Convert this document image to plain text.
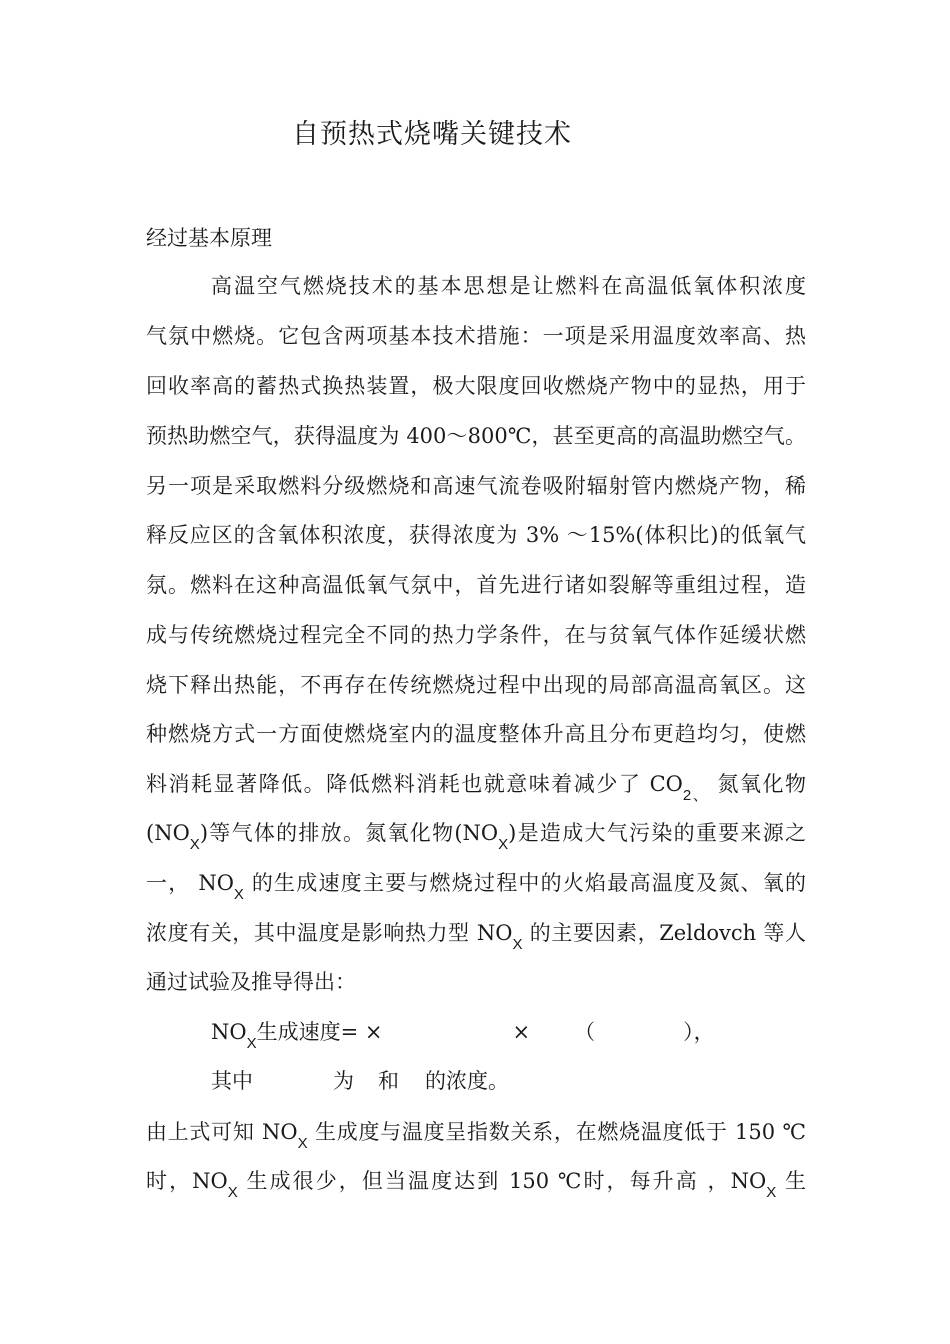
自预热式烧嘴关键技术
经过基本原理
高温空气燃烧技术的基本思想是让燃料在高温低氧体积浓度
气氛中燃烧。它包含两项基本技术措施：一项是采用温度效率高、热
回收率高的蓄热式换热装置，极大限度回收燃烧产物中的显热，用于
预热助燃空气，获得温度为 400～800℃，甚至更高的高温助燃空气。
另一项是采取燃料分级燃烧和高速气流卷吸附辐射管内燃烧产物，稀
释反应区的含氧体积浓度，获得浓度为 3% ～15%(体积比)的低氧气
氛。燃料在这种高温低氧气氛中，首先进行诸如裂解等重组过程，造
成与传统燃烧过程完全不同的热力学条件，在与贫氧气体作延缓状燃
烧下释出热能，不再存在传统燃烧过程中出现的局部高温高氧区。这
种燃烧方式一方面使燃烧室内的温度整体升高且分布更趋均匀，使燃
料消耗显著降低。降低燃料消耗也就意味着减少了 $CO_{2、}$ 氮氧化物
$(NO_X)$等气体的排放。氮氧化物$(NO_X)$是造成大气污染的重要来源之
一， $NO_X$ 的生成速度主要与燃烧过程中的火焰最高温度及氮、氧的
浓度有关，其中温度是影响热力型 $NO_X$ 的主要因素，Zeldovch 等人
通过试验及推导得出：
$NO_X$生成速度= ×	× （	），
其中	为 和 的浓度。
由上式可知 $NO_X$ 生成度与温度呈指数关系，在燃烧温度低于 150 ℃
时，$NO_X$ 生成很少，但当温度达到 150 ℃时，每升高 ，$NO_X$ 生
